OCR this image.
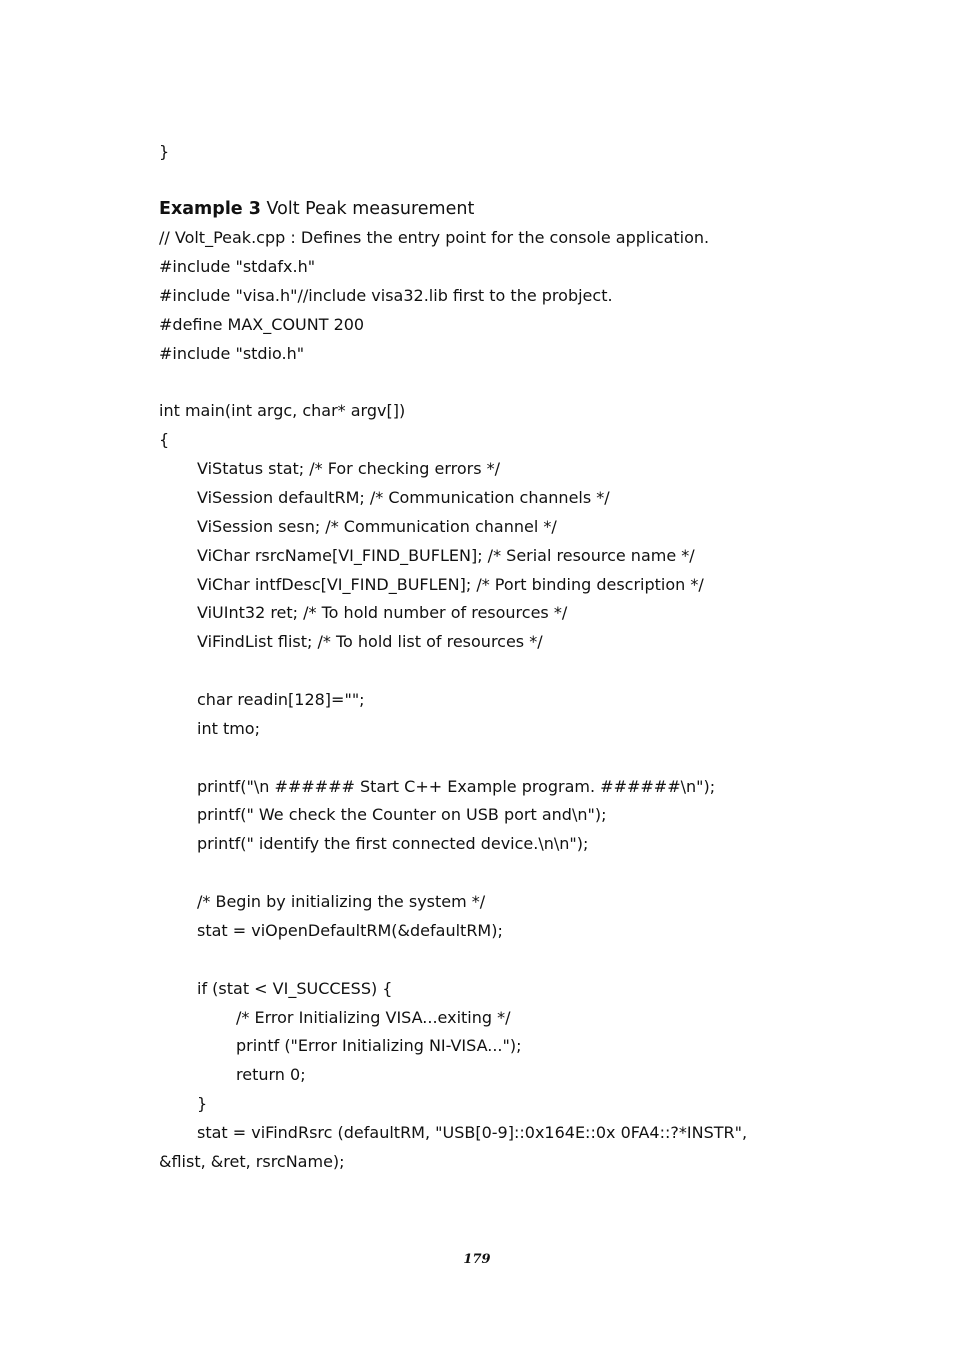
}
Example 3 Volt Peak measurement
// Volt_Peak.cpp : Defines the entry point for the console application.
#include "stdafx.h"
#include "visa.h"//include visa32.lib first to the probject.
#define MAX_COUNT 200
#include "stdio.h"
int main(int argc, char* argv[])
{
ViStatus stat; /* For checking errors */
ViSession defaultRM; /* Communication channels */
ViSession sesn; /* Communication channel */
ViChar rsrcName[VI_FIND_BUFLEN]; /* Serial resource name */
ViChar intfDesc[VI_FIND_BUFLEN]; /* Port binding description */
ViUInt32 ret; /* To hold number of resources */
ViFindList flist; /* To hold list of resources */
char readin[128]="";
int tmo;
printf("\n ###### Start C++ Example program. ######\n");
printf(" We check the Counter on USB port and\n");
printf(" identify the first connected device.\n\n");
/* Begin by initializing the system */
stat = viOpenDefaultRM(&defaultRM);
if (stat < VI_SUCCESS) {
/* Error Initializing VISA...exiting */
printf ("Error Initializing NI-VISA...");
return 0;
}
stat = viFindRsrc (defaultRM, "USB[0-9]::0x164E::0x 0FA4::?*INSTR",
&flist, &ret, rsrcName);
179
